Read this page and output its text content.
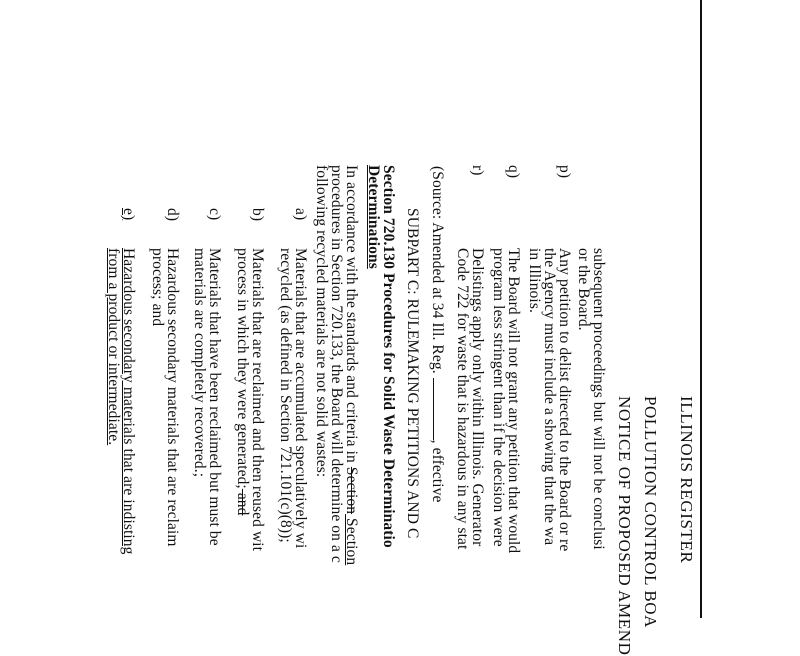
ILLINOIS REGISTER
POLLUTION CONTROL BOA
NOTICE OF PROPOSED AMEND
subsequent proceedings but will not be conclusi
or the Board.
p)
Any petition to delist directed to the Board or re
the Agency must include a showing that the wa
in Illinois.
q)
The Board will not grant any petition that would
program less stringent than if the decision were
r)
Delistings apply only within Illinois. Generator
Code 722 for waste that is hazardous in any stat
(Source: Amended at 34 Ill. Reg. , effective
SUBPART C: RULEMAKING PETITIONS AND C
Section 720.130 Procedures for Solid Waste Determinatio
Determinations
In accordance with the standards and criteria in Section Section
procedures in Section 720.133, the Board will determine on a c
following recycled materials are not solid wastes:
a)
Materials that are accumulated speculatively wi
recycled (as defined in Section 721.101(c)(8));
b)
Materials that are reclaimed and then reused wit
process in which they were generated; and
c)
Materials that have been reclaimed but must be
materials are completely recovered.;
d)
Hazardous secondary materials that are reclaim
process; and
e)
Hazardous secondary materials that are indisting
from a product or intermediate.
